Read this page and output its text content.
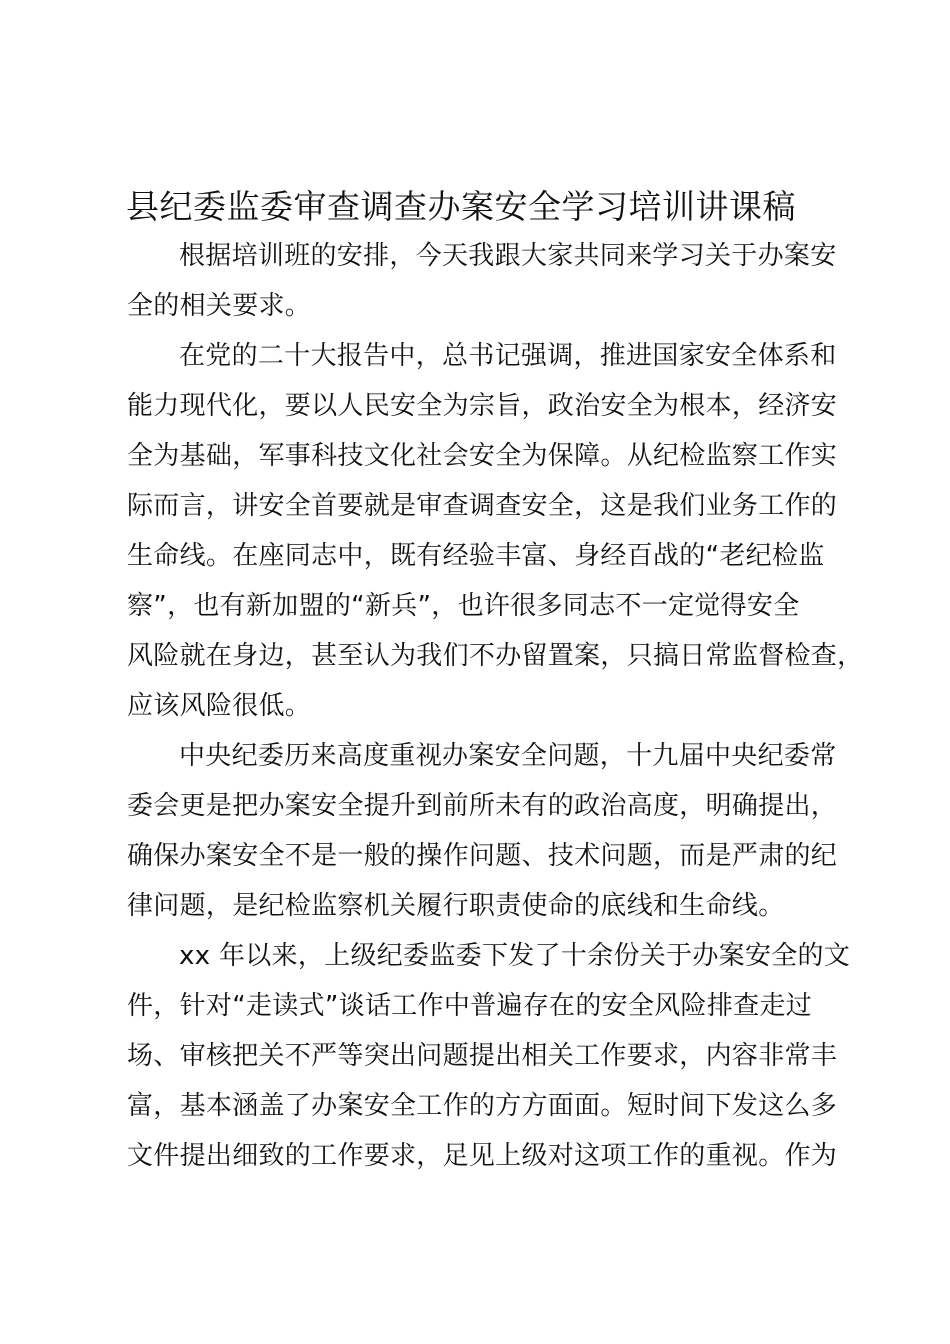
县纪委监委审查调查办案安全学习培训讲课稿
根据培训班的安排，今天我跟大家共同来学习关于办案安
全的相关要求。
在党的二十大报告中，总书记强调，推进国家安全体系和
能力现代化，要以人民安全为宗旨，政治安全为根本，经济安
全为基础，军事科技文化社会安全为保障。从纪检监察工作实
际而言，讲安全首要就是审查调查安全，这是我们业务工作的
生命线。在座同志中，既有经验丰富、身经百战的“老纪检监
察”，也有新加盟的“新兵”，也许很多同志不一定觉得安全
风险就在身边，甚至认为我们不办留置案，只搞日常监督检查，
应该风险很低。
中央纪委历来高度重视办案安全问题，十九届中央纪委常
委会更是把办案安全提升到前所未有的政治高度，明确提出，
确保办案安全不是一般的操作问题、技术问题，而是严肃的纪
律问题，是纪检监察机关履行职责使命的底线和生命线。
xx 年以来，上级纪委监委下发了十余份关于办案安全的文
件，针对“走读式”谈话工作中普遍存在的安全风险排查走过
场、审核把关不严等突出问题提出相关工作要求，内容非常丰
富，基本涵盖了办案安全工作的方方面面。短时间下发这么多
文件提出细致的工作要求，足见上级对这项工作的重视。作为
